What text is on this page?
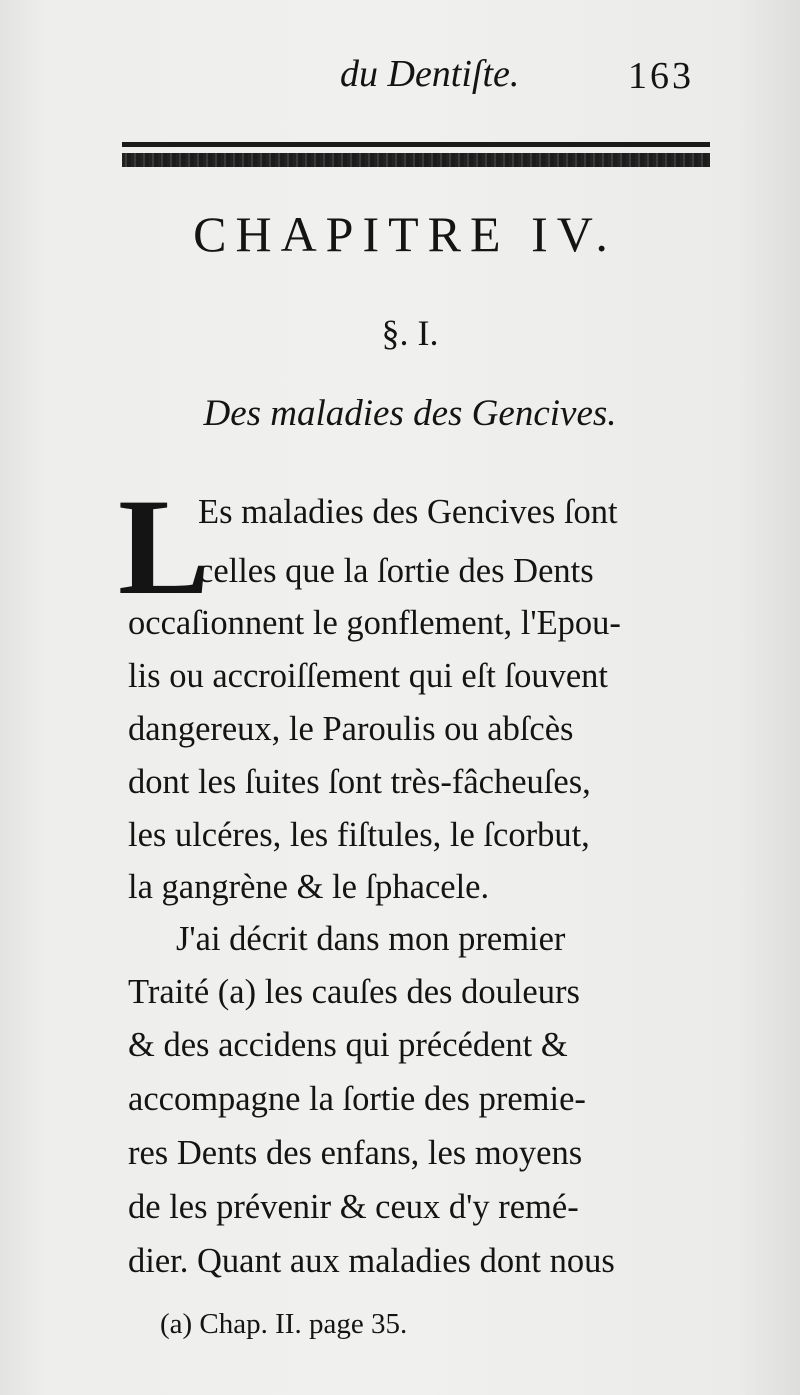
du Dentiſte.	163
CHAPITRE IV.
§. I.
Des maladies des Gencives.
L
Es maladies des Gencives ſont
celles que la ſortie des Dents
occaſionnent le gonflement, l'Epou-
lis ou accroiſſement qui eſt ſouvent
dangereux, le Paroulis ou abſcès
dont les ſuites ſont très-fâcheuſes,
les ulcéres, les fiſtules, le ſcorbut,
la gangrène & le ſphacele.
J'ai décrit dans mon premier
Traité (a) les cauſes des douleurs
& des accidens qui précédent &
accompagne la ſortie des premie-
res Dents des enfans, les moyens
de les prévenir & ceux d'y remé-
dier. Quant aux maladies dont nous
(a) Chap. II. page 35.
